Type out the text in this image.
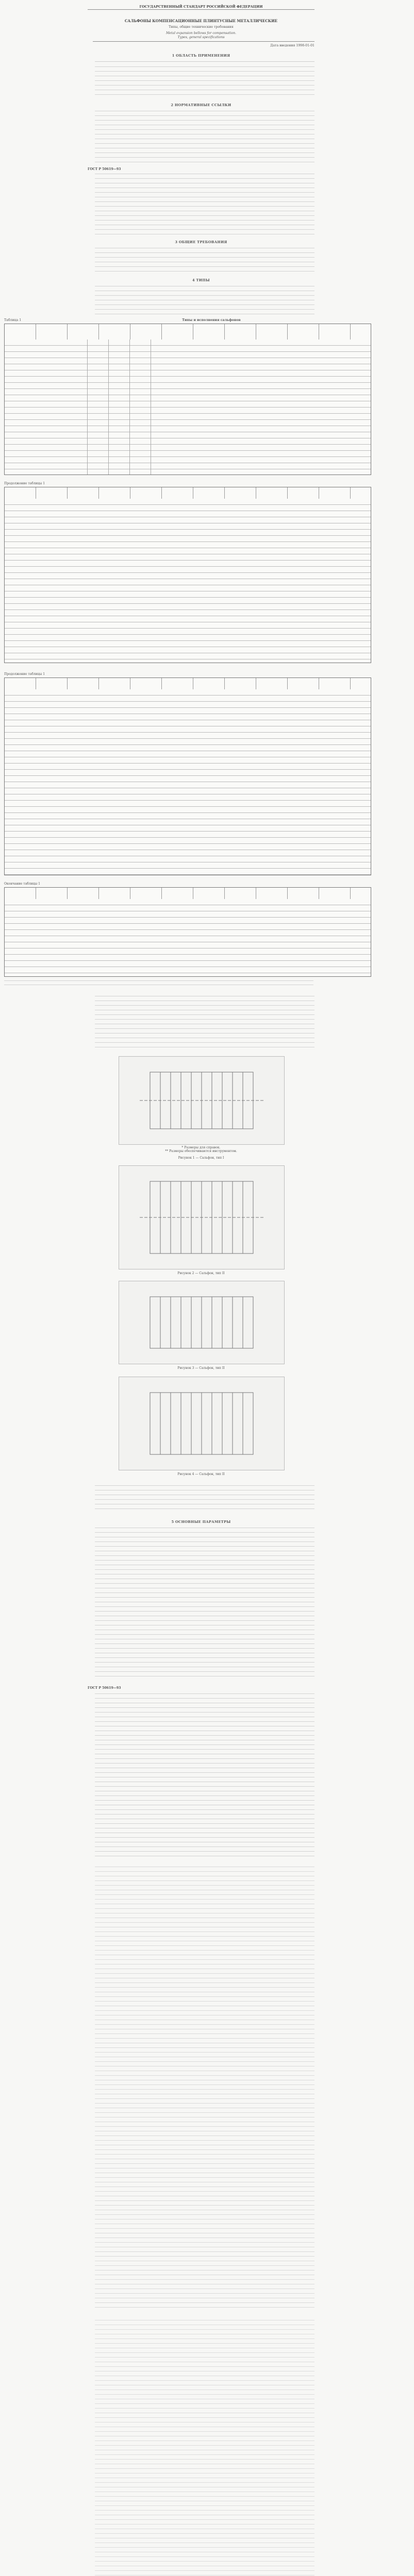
ГОСУДАРСТВЕННЫЙ СТАНДАРТ РОССИЙСКОЙ ФЕДЕРАЦИИ
САЛЬФОНЫ КОМПЕНСАЦИОННЫЕ ПЛИНТУСНЫЕ МЕТАЛЛИЧЕСКИЕ
Типы, общие технические требования
Metal expansion bellows for compensation.
Types, general specifications
Дата введения 1998-01-01
1 ОБЛАСТЬ ПРИМЕНЕНИЯ
2 НОРМАТИВНЫЕ ССЫЛКИ
ГОСТ Р 50619—93
3 ОБЩИЕ ТРЕБОВАНИЯ
4 ТИПЫ
Таблица 1	Типы и исполнения сальфонов

Продолжение таблицы 1
Продолжение таблицы 1
Окончание таблицы 1
* Размеры для справок.
** Размеры обеспечиваются инструментом.
Рисунок 1 — Сальфон, тип I
Рисунок 2 — Сальфон, тип II
Рисунок 3 — Сальфон, тип II
Рисунок 4 — Сальфон, тип II
5 ОСНОВНЫЕ ПАРАМЕТРЫ
ГОСТ Р 50619—93
